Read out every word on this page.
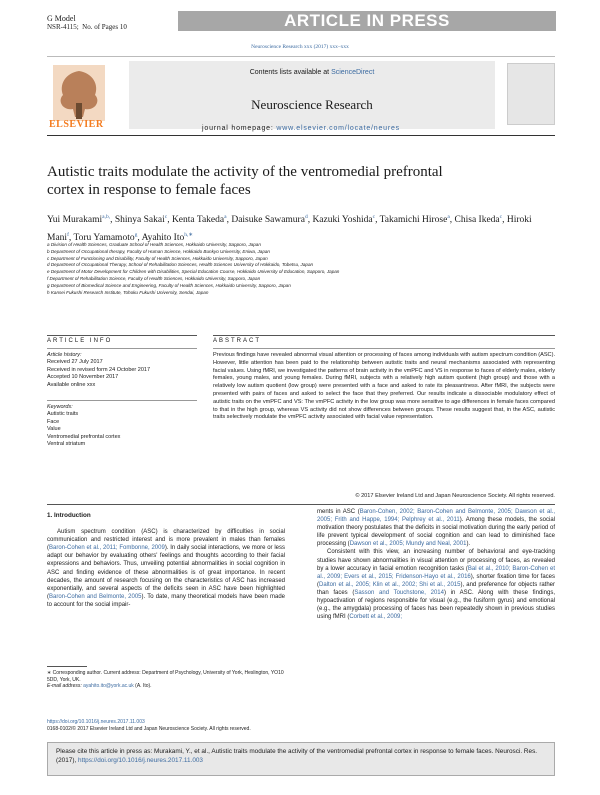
G Model
NSR-4115; No. of Pages 10	ARTICLE IN PRESS
Neuroscience Research xxx (2017) xxx–xxx
ELSEVIER
Contents lists available at ScienceDirect
Neuroscience Research
journal homepage: www.elsevier.com/locate/neures
Autistic traits modulate the activity of the ventromedial prefrontal cortex in response to female faces
Yui Murakami$^{a,b,}$, Shinya Sakai$^c$, Kenta Takeda$^a$, Daisuke Sawamura$^d$, Kazuki Yoshida$^c$, Takamichi Hirose$^a$, Chisa Ikeda$^c$, Hiroki Mani$^f$, Toru Yamamoto$^g$, Ayahito Ito$^{h,∗}$
a Division of Health Sciences, Graduate School of Health Sciences, Hokkaido University, Sapporo, Japan
b Department of Occupational therapy, Faculty of Human Science, Hokkaido Bunkyo University, Eniwa, Japan
c Department of Functioning and Disability, Faculty of Health Sciences, Hokkaido University, Sapporo, Japan
d Department of Occupational Therapy, School of Rehabilitation Sciences, Health Sciences University of Hokkaido, Tobetsu, Japan
e Department of Motor Development for Children with Disabilities, Special Education Course, Hokkaido University of Education, Sapporo, Japan
f Department of Rehabilitation Science, Faculty of Health Sciences, Hokkaido University, Sapporo, Japan
g Department of Biomedical Science and Engineering, Faculty of Health Sciences, Hokkaido University, Sapporo, Japan
h Kansei Fukushi Research Institute, Tohoku Fukushi University, Sendai, Japan
ARTICLE INFO
Article history:
Received 27 July 2017
Received in revised form 24 October 2017
Accepted 10 November 2017
Available online xxx
Keywords:
Autistic traits
Face
Value
Ventromedial prefrontal cortex
Ventral striatum
ABSTRACT
Previous findings have revealed abnormal visual attention or processing of faces among individuals with autism spectrum condition (ASC). However, little attention has been paid to the relationship between autistic traits and neural mechanisms associated with representing facial values. Using fMRI, we investigated the patterns of brain activity in the vmPFC and VS in response to faces of elderly males, elderly females, young males, and young females. During fMRI, subjects with a relatively high autism quotient (high group) and those with a relatively low autism quotient (low group) were presented with a face and asked to rate its pleasantness. After fMRI, the subjects were presented with pairs of faces and asked to select the face that they preferred. Our results indicate a dissociable modulatory effect of autistic traits on the vmPFC and VS: The vmPFC activity in the low group was more sensitive to age differences in female faces compared to that in the high group, whereas VS activity did not show differences between groups. These results suggest that, in the ASC, autistic traits selectively modulate the vmPFC activity associated with facial value representation.
© 2017 Elsevier Ireland Ltd and Japan Neuroscience Society. All rights reserved.
1. Introduction

Autism spectrum condition (ASC) is characterized by difficulties in social communication and restricted interest and is more prevalent in males than females (Baron-Cohen et al., 2011; Fombonne, 2009). In daily social interactions, we more or less adapt our behavior by evaluating others' feelings and thoughts according to their facial expressions and behaviors. Thus, unveiling potential abnormalities in social cognition in ASC and finding evidence of these abnormalities is of great importance. In recent decades, the amount of research focusing on the characteristics of ASC has increased exponentially, and several aspects of the deficits seen in ASC have been highlighted (Baron-Cohen and Belmonte, 2005). To date, many theoretical models have been made to account for the social impair-

ments in ASC (Baron-Cohen, 2002; Baron-Cohen and Belmonte, 2005; Dawson et al., 2005; Frith and Happe, 1994; Pelphrey et al., 2011). Among these models, the social motivation theory postulates that the deficits in social motivation during the early period of life prevent typical development of social cognition and can lead to diminished face processing (Dawson et al., 2005; Mundy and Neal, 2001).

Consistent with this view, an increasing number of behavioral and eye-tracking studies have shown abnormalities in visual attention or processing of faces, as revealed by a lower accuracy in facial emotion recognition tasks (Bal et al., 2010; Baron-Cohen et al., 2009; Evers et al., 2015; Fridenson-Hayo et al., 2016), shorter fixation time for faces (Dalton et al., 2005; Klin et al., 2002; Shi et al., 2015), and preference for objects rather than faces (Sasson and Touchstone, 2014) in ASC. Along with these findings, hypoactivation of regions responsible for visual (e.g., the fusiform gyrus) and emotional (e.g., the amygdala) processing of faces has been repeatedly shown in previous studies using fMRI (Corbett et al., 2009;

∗ Corresponding author. Current address: Department of Psychology, University of York, Heslington, YO10 5DD, York, UK.
E-mail address: ayahito.ito@york.ac.uk (A. Ito).
https://doi.org/10.1016/j.neures.2017.11.003
0168-0102/© 2017 Elsevier Ireland Ltd and Japan Neuroscience Society. All rights reserved.
Please cite this article in press as: Murakami, Y., et al., Autistic traits modulate the activity of the ventromedial prefrontal cortex in response to female faces. Neurosci. Res. (2017), https://doi.org/10.1016/j.neures.2017.11.003
